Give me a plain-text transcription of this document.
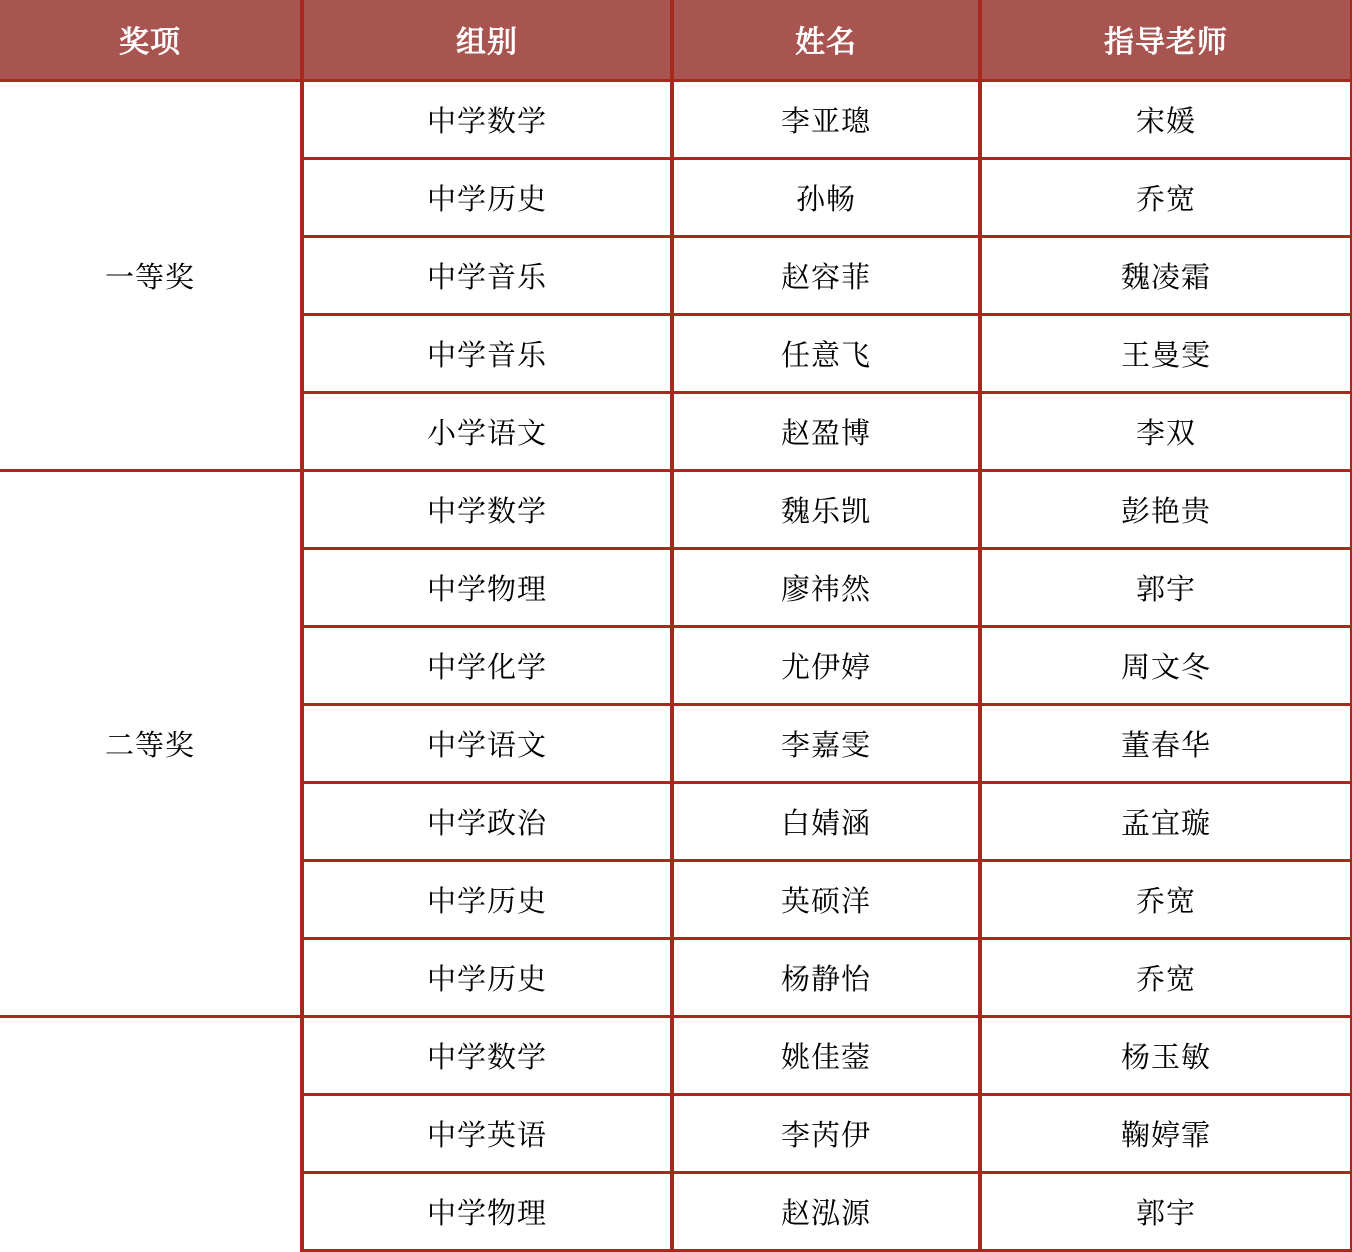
奖项	组别	姓名	指导老师
一等奖	中学数学	李亚璁	宋媛
	中学历史	孙畅	乔宽
	中学音乐	赵容菲	魏凌霜
	中学音乐	任意飞	王曼雯
	小学语文	赵盈博	李双
二等奖	中学数学	魏乐凯	彭艳贵
	中学物理	廖祎然	郭宇
	中学化学	尤伊婷	周文冬
	中学语文	李嘉雯	董春华
	中学政治	白婧涵	孟宜璇
	中学历史	英硕洋	乔宽
	中学历史	杨静怡	乔宽
	中学数学	姚佳蓥	杨玉敏
	中学英语	李芮伊	鞠婷霏
	中学物理	赵泓源	郭宇
